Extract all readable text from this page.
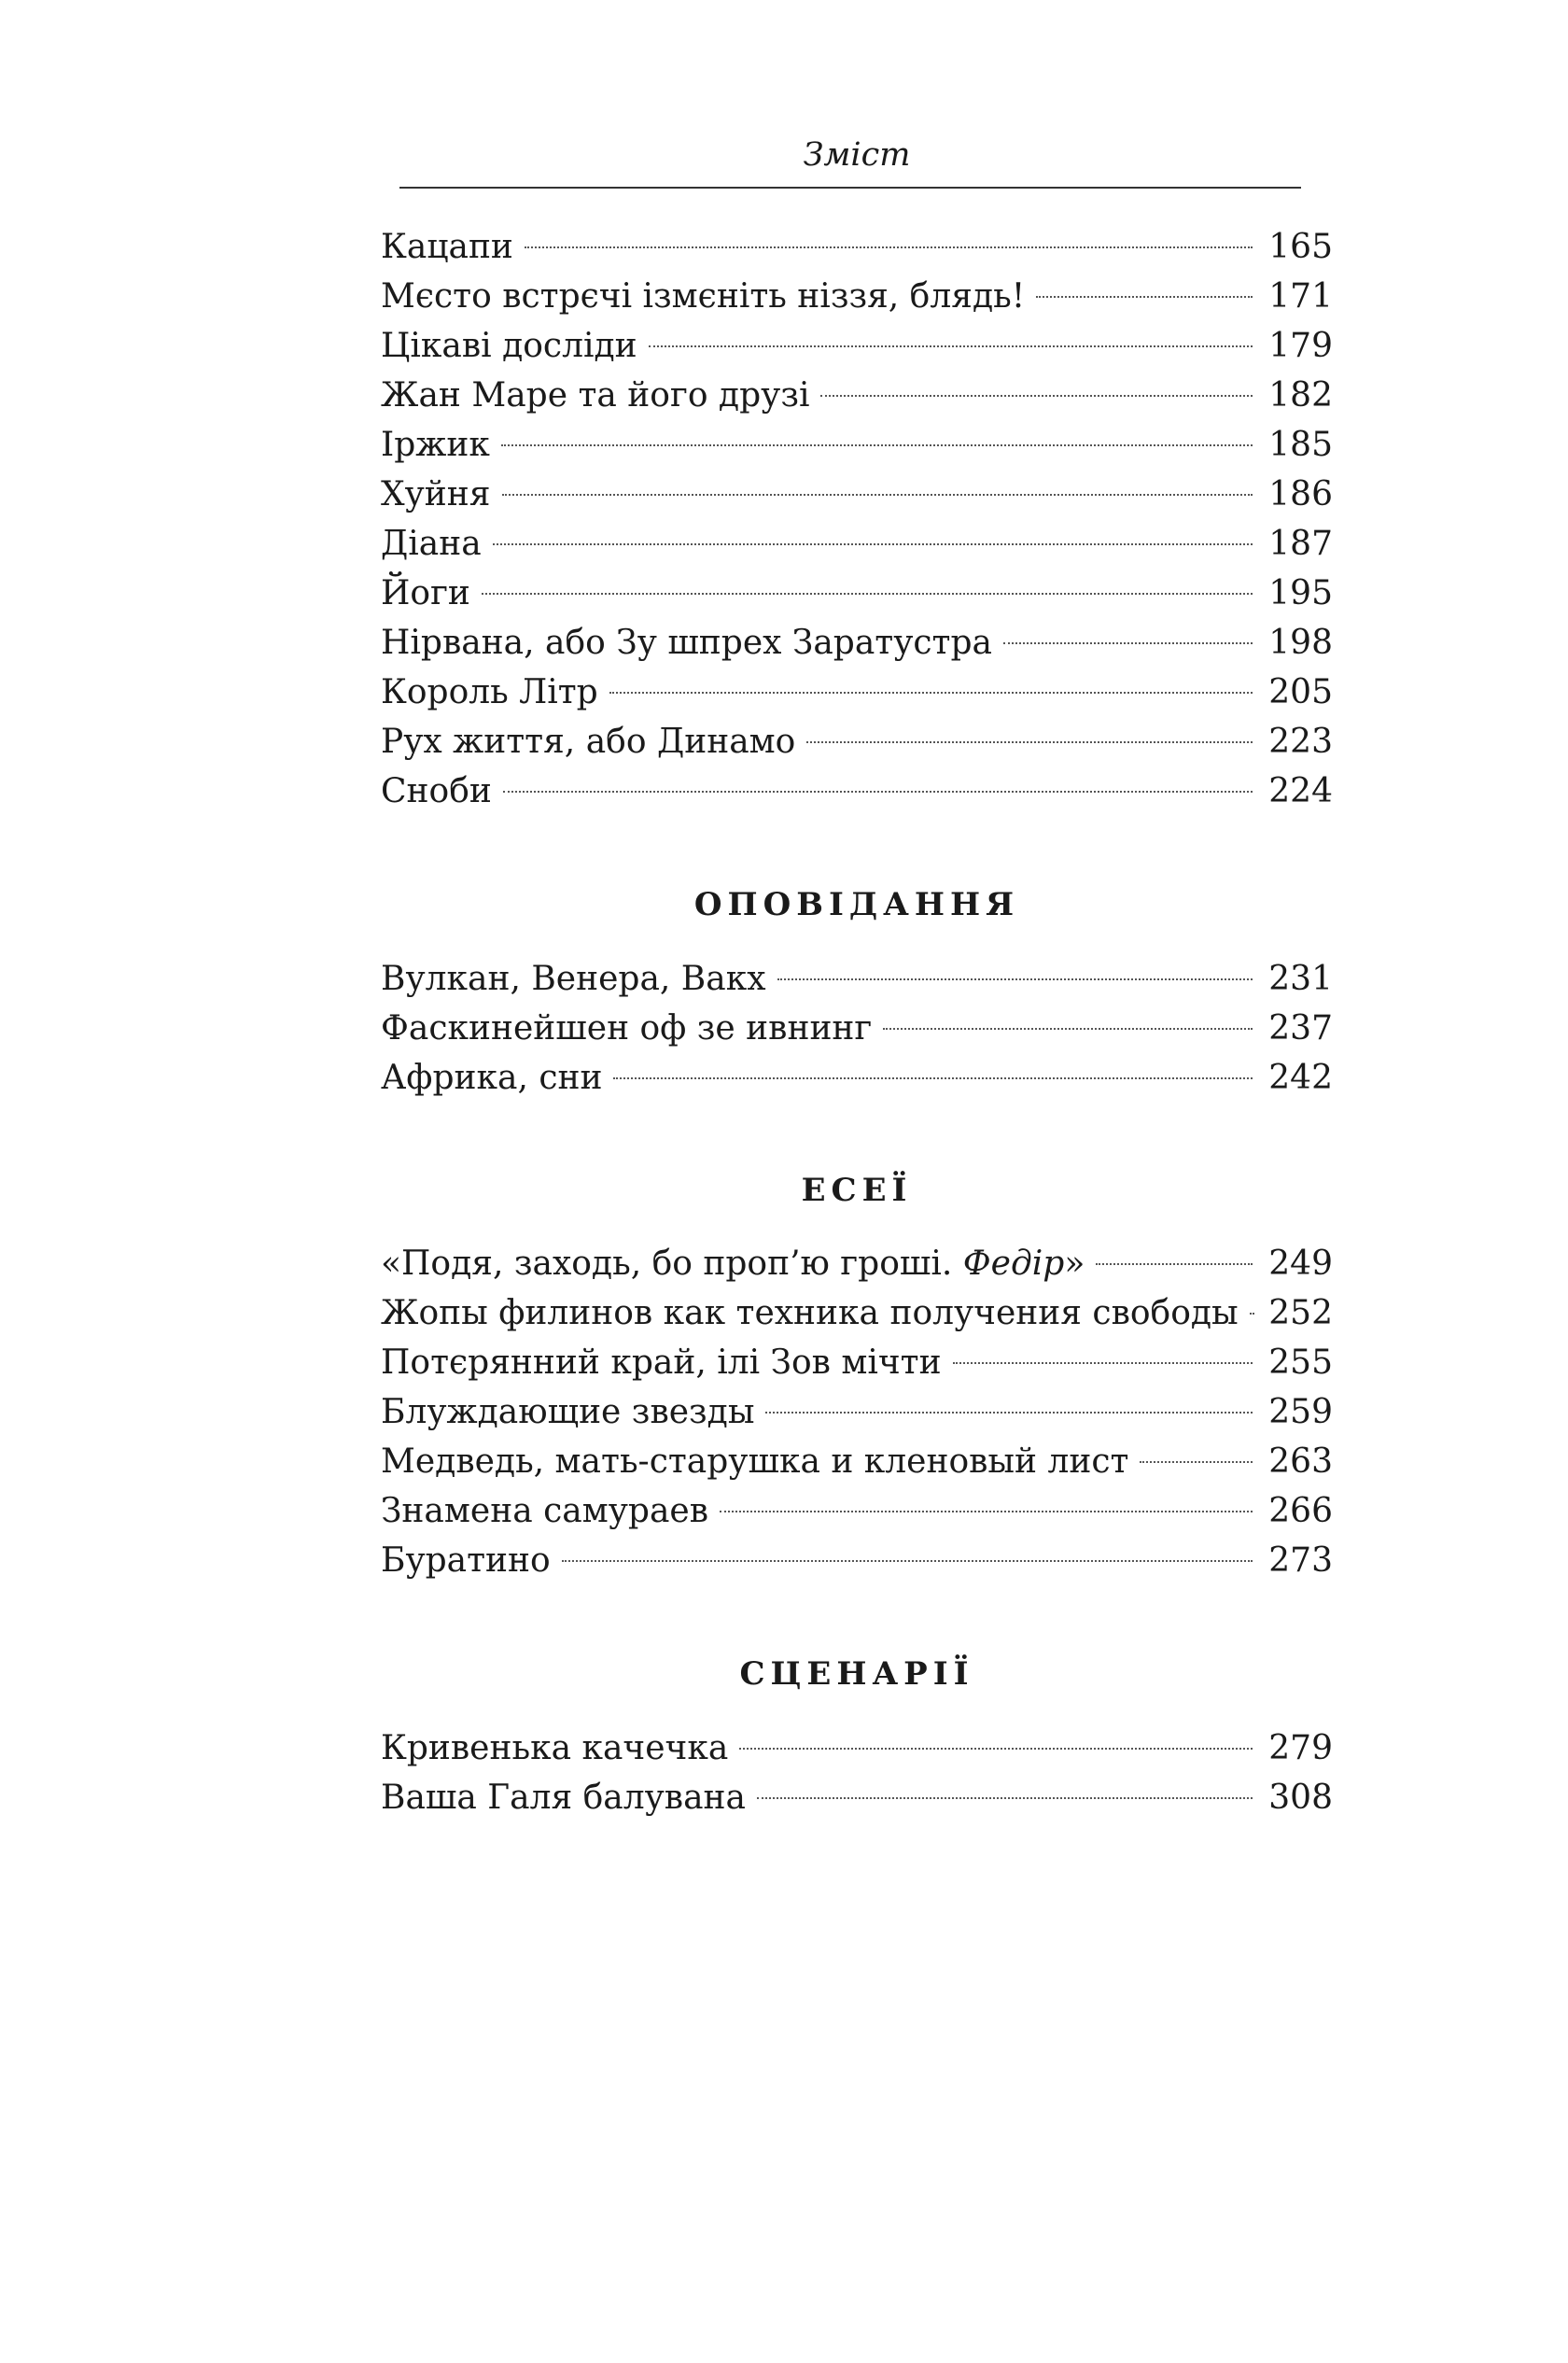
Зміст
Кацапи	165
Мєсто встрєчі ізмєніть ніззя, блядь!	171
Цікаві досліди	179
Жан Маре та його друзі	182
Іржик	185
Хуйня	186
Діана	187
Йоги	195
Нірвана, або Зу шпрех Заратустра	198
Король Літр	205
Рух життя, або Динамо	223
Сноби	224
ОПОВІДАННЯ
Вулкан, Венера, Вакх	231
Фаскинейшен оф зе ивнинг	237
Африка, сни	242
ЕСЕЇ
«Подя, заходь, бо проп’ю гроші. Федір»	249
Жопы филинов как техника получения свободы 252
Потєрянний край, ілі Зов мічти	255
Блуждающие звезды	259
Медведь, мать-старушка и кленовый лист	263
Знамена самураев	266
Буратино	273
СЦЕНАРІЇ
Кривенька качечка	279
Ваша Галя балувана	308
